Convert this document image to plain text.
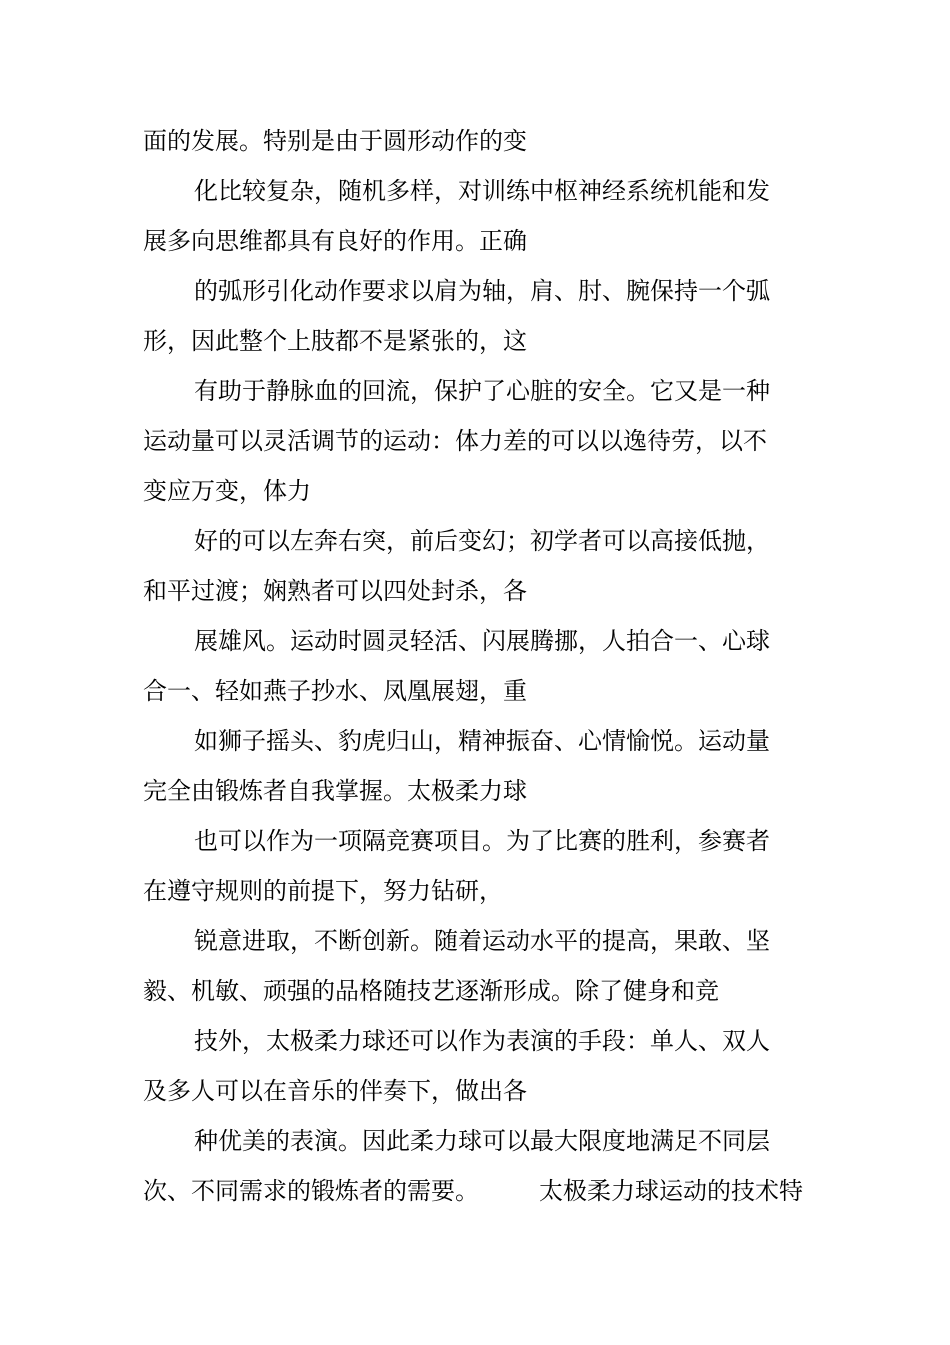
面的发展。特别是由于圆形动作的变
化比较复杂，随机多样，对训练中枢神经系统机能和发
展多向思维都具有良好的作用。正确
的弧形引化动作要求以肩为轴，肩、肘、腕保持一个弧
形，因此整个上肢都不是紧张的，这
有助于静脉血的回流，保护了心脏的安全。它又是一种
运动量可以灵活调节的运动：体力差的可以以逸待劳，以不
变应万变，体力
好的可以左奔右突，前后变幻；初学者可以高接低抛，
和平过渡；娴熟者可以四处封杀，各
展雄风。运动时圆灵轻活、闪展腾挪，人拍合一、心球
合一、轻如燕子抄水、凤凰展翅，重
如狮子摇头、豹虎归山，精神振奋、心情愉悦。运动量
完全由锻炼者自我掌握。太极柔力球
也可以作为一项隔竞赛项目。为了比赛的胜利，参赛者
在遵守规则的前提下，努力钻研，
锐意进取，不断创新。随着运动水平的提高，果敢、坚
毅、机敏、顽强的品格随技艺逐渐形成。除了健身和竞
技外，太极柔力球还可以作为表演的手段：单人、双人
及多人可以在音乐的伴奏下，做出各
种优美的表演。因此柔力球可以最大限度地满足不同层
次、不同需求的锻炼者的需要。　　　太极柔力球运动的技术特
